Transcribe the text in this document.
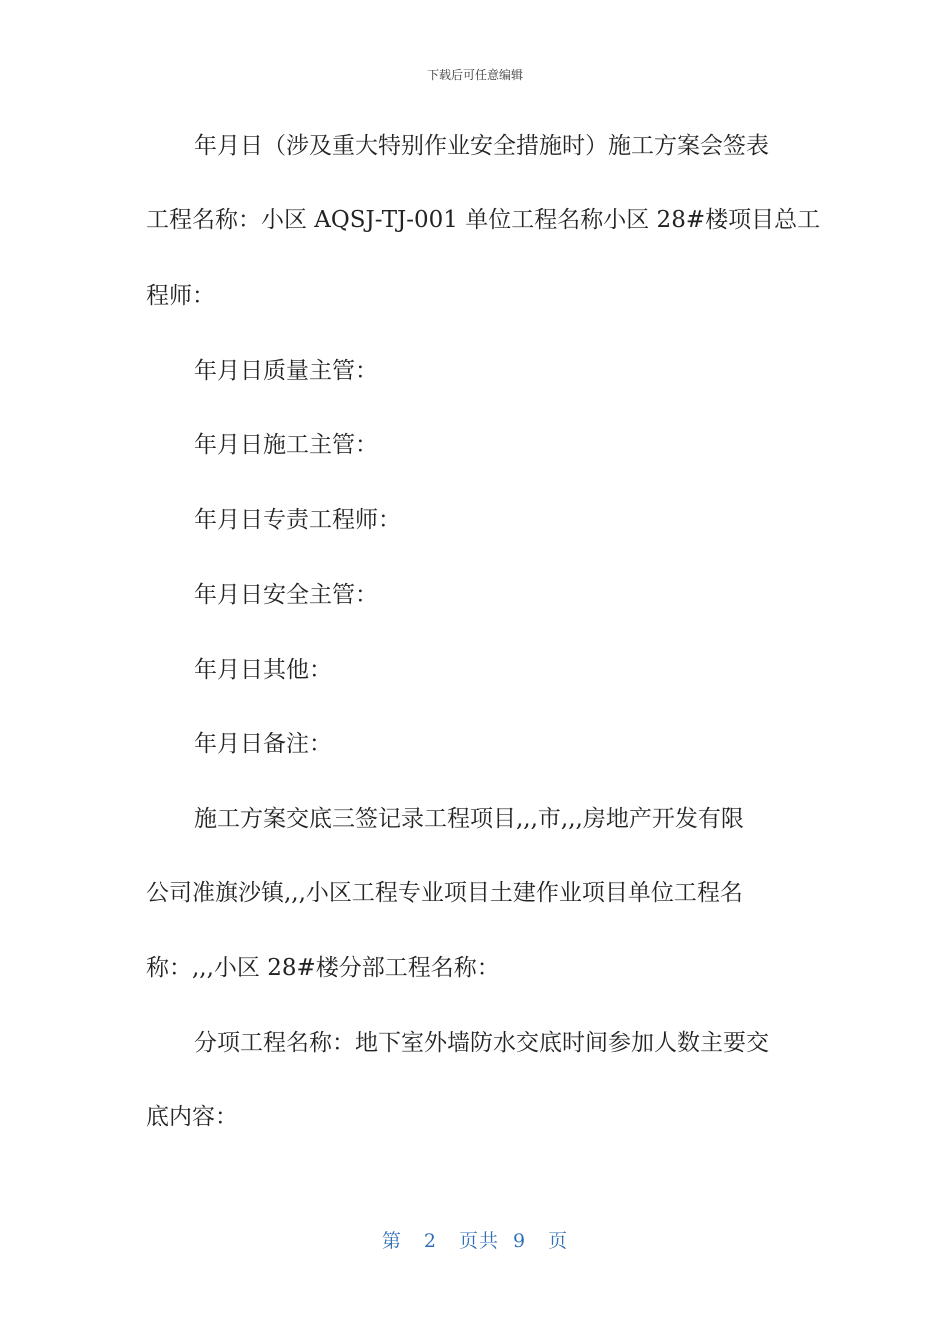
下载后可任意编辑
年月日（涉及重大特别作业安全措施时）施工方案会签表
工程名称：小区 AQSJ-TJ-001 单位工程名称小区 28#楼项目总工
程师：
年月日质量主管：
年月日施工主管：
年月日专责工程师：
年月日安全主管：
年月日其他：
年月日备注：
施工方案交底三签记录工程项目,,,市,,,房地产开发有限
公司准旗沙镇,,,小区工程专业项目土建作业项目单位工程名
称：,,,小区 28#楼分部工程名称：
分项工程名称：地下室外墙防水交底时间参加人数主要交
底内容：
第 2 页共 9 页
